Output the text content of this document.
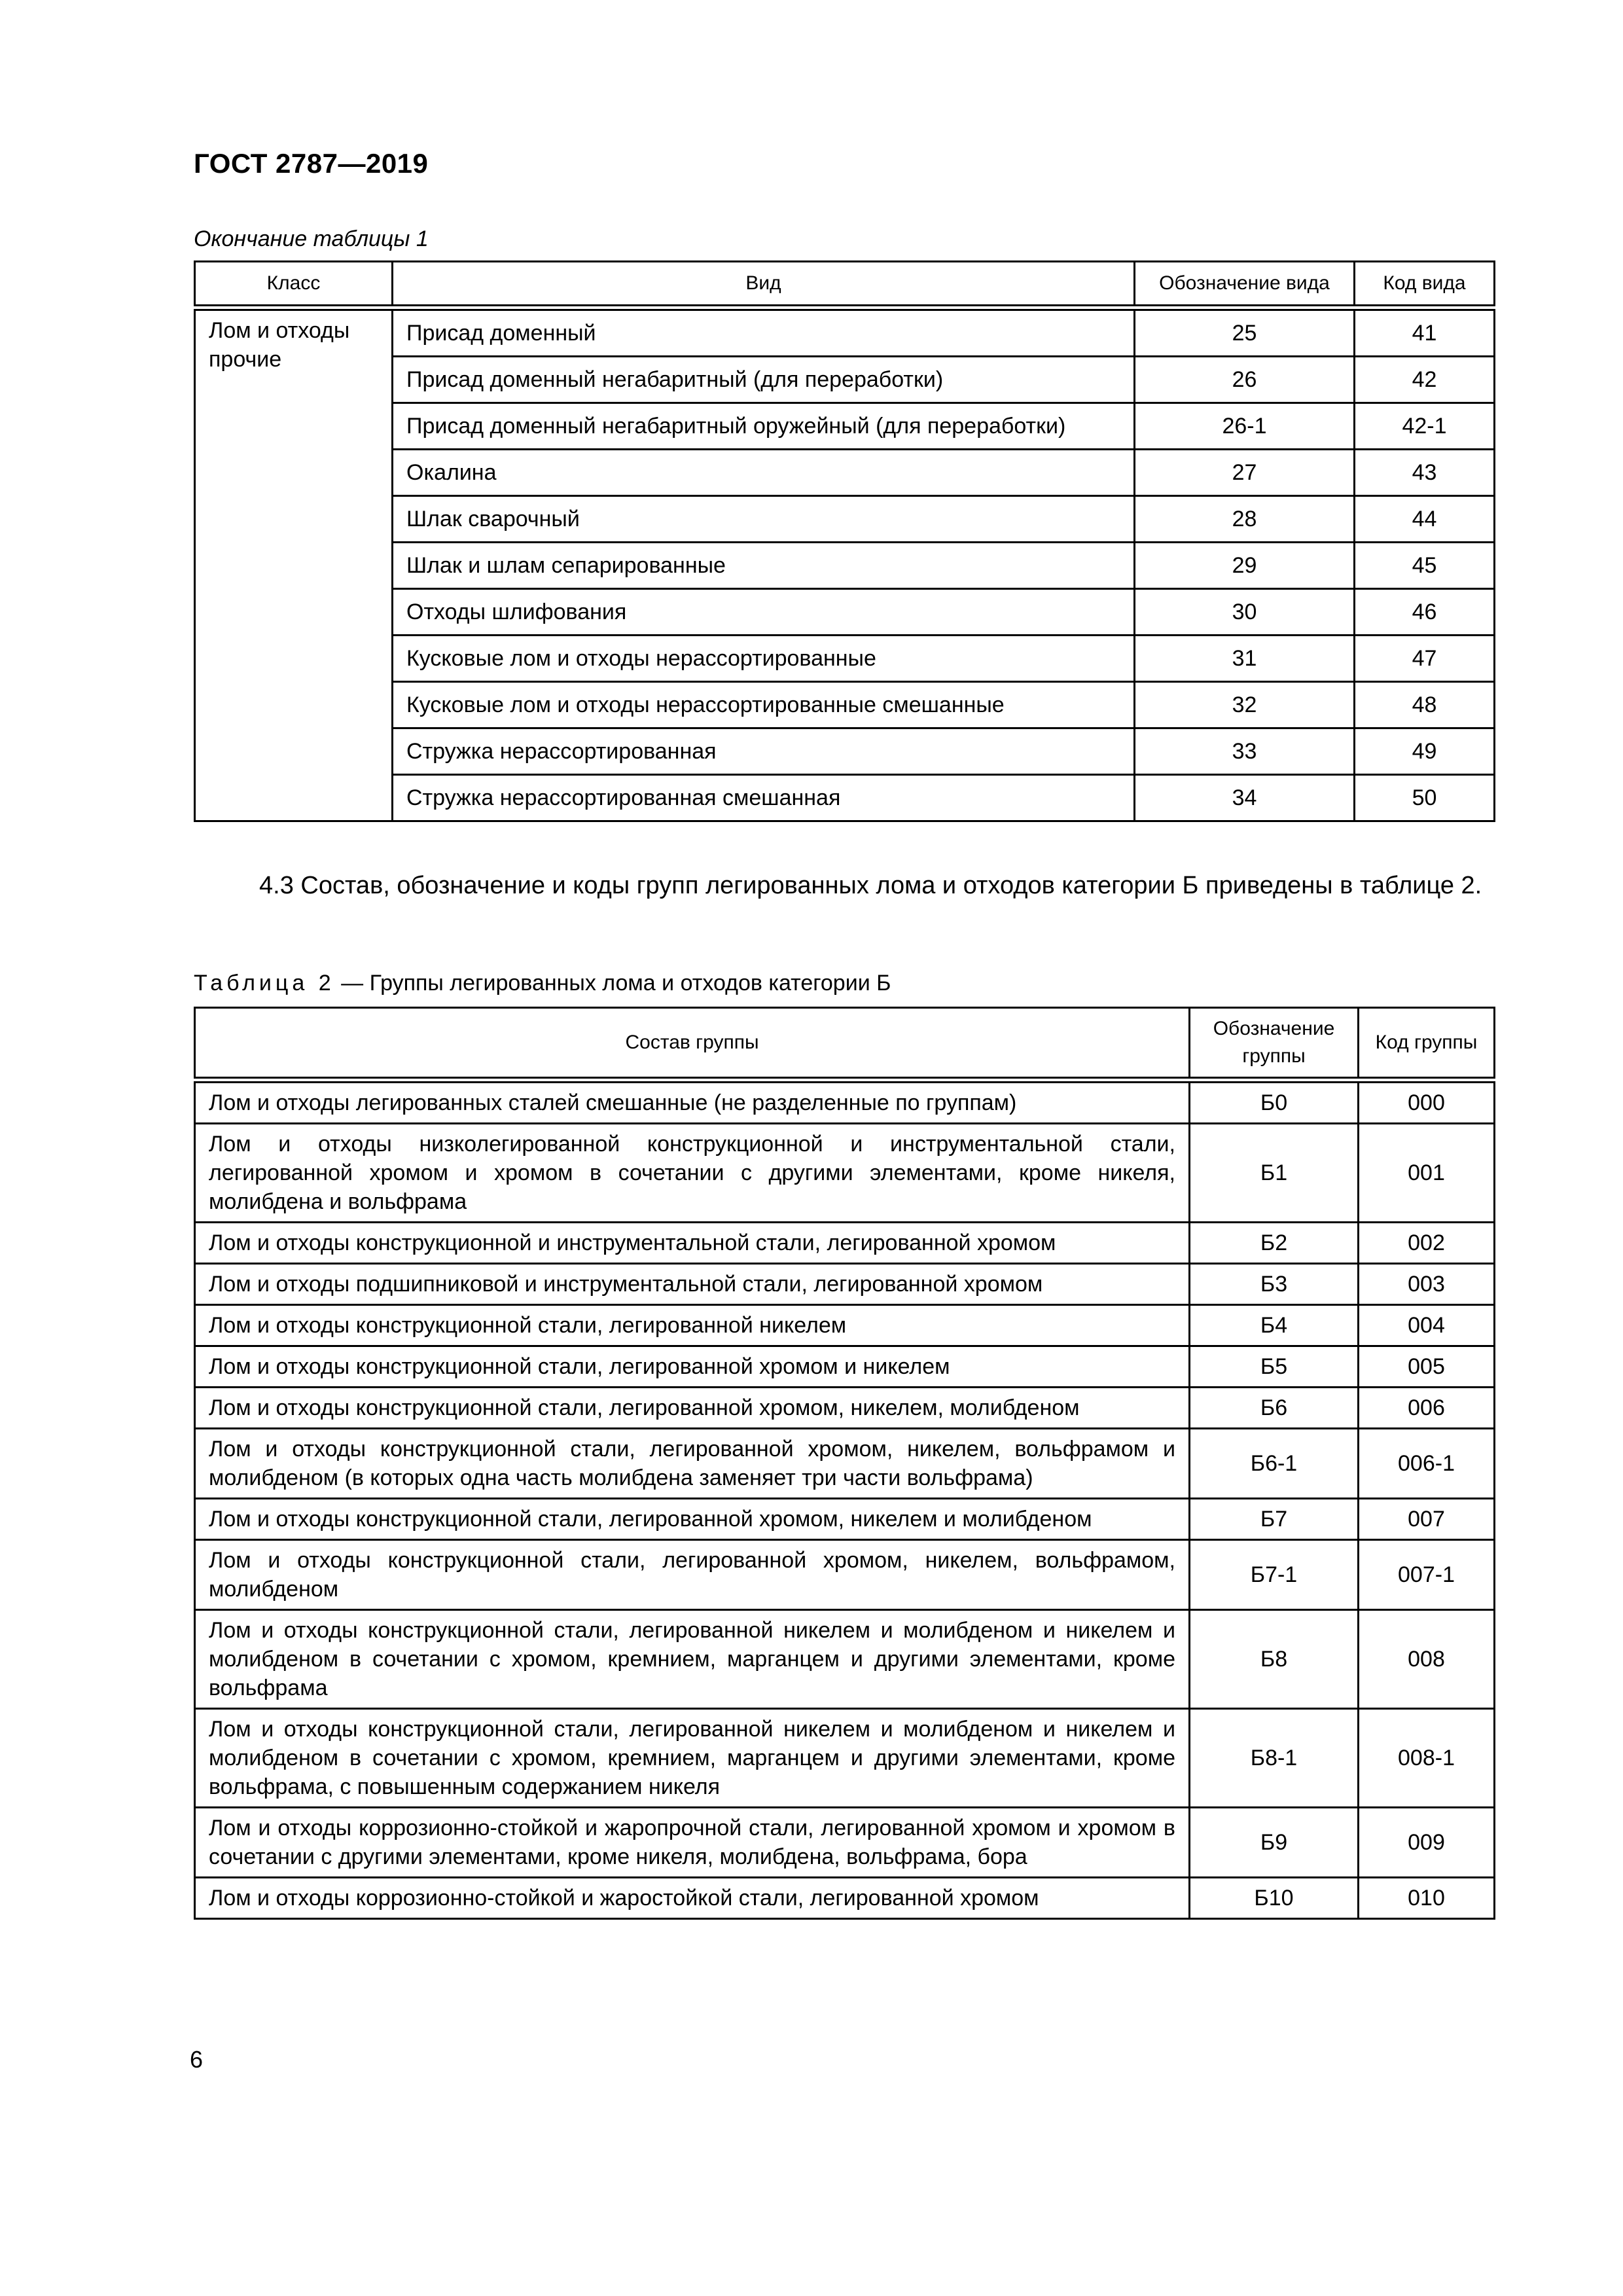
ГОСТ 2787—2019
Окончание таблицы 1
Класс	Вид	Обозначение вида	Код вида

Лом и отходы прочие	Присад доменный	25	41
	Присад доменный негабаритный (для переработки)	26	42
	Присад доменный негабаритный оружейный (для переработки)	26-1	42-1
	Окалина	27	43
	Шлак сварочный	28	44
	Шлак и шлам сепарированные	29	45
	Отходы шлифования	30	46
	Кусковые лом и отходы нерассортированные	31	47
	Кусковые лом и отходы нерассортированные смешанные	32	48
	Стружка нерассортированная	33	49
	Стружка нерассортированная смешанная	34	50

4.3 Состав, обозначение и коды групп легированных лома и отходов категории Б приведены в таблице 2.

Таблица 2 — Группы легированных лома и отходов категории Б
Состав группы	Обозначение группы	Код группы

Лом и отходы легированных сталей смешанные (не разделенные по группам)	Б0	000
Лом и отходы низколегированной конструкционной и инструментальной стали, легированной хромом и хромом в сочетании с другими элементами, кроме никеля, молибдена и вольфрама	Б1	001
Лом и отходы конструкционной и инструментальной стали, легированной хромом	Б2	002
Лом и отходы подшипниковой и инструментальной стали, легированной хромом	Б3	003
Лом и отходы конструкционной стали, легированной никелем	Б4	004
Лом и отходы конструкционной стали, легированной хромом и никелем	Б5	005
Лом и отходы конструкционной стали, легированной хромом, никелем, молибденом	Б6	006
Лом и отходы конструкционной стали, легированной хромом, никелем, вольфрамом и молибденом (в которых одна часть молибдена заменяет три части вольфрама)	Б6-1	006-1
Лом и отходы конструкционной стали, легированной хромом, никелем и молибденом	Б7	007
Лом и отходы конструкционной стали, легированной хромом, никелем, вольфрамом, молибденом	Б7-1	007-1
Лом и отходы конструкционной стали, легированной никелем и молибденом и никелем и молибденом в сочетании с хромом, кремнием, марганцем и другими элементами, кроме вольфрама	Б8	008
Лом и отходы конструкционной стали, легированной никелем и молибденом и никелем и молибденом в сочетании с хромом, кремнием, марганцем и другими элементами, кроме вольфрама, с повышенным содержанием никеля	Б8-1	008-1
Лом и отходы коррозионно-стойкой и жаропрочной стали, легированной хромом и хромом в сочетании с другими элементами, кроме никеля, молибдена, вольфрама, бора	Б9	009
Лом и отходы коррозионно-стойкой и жаростойкой стали, легированной хромом	Б10	010
6
